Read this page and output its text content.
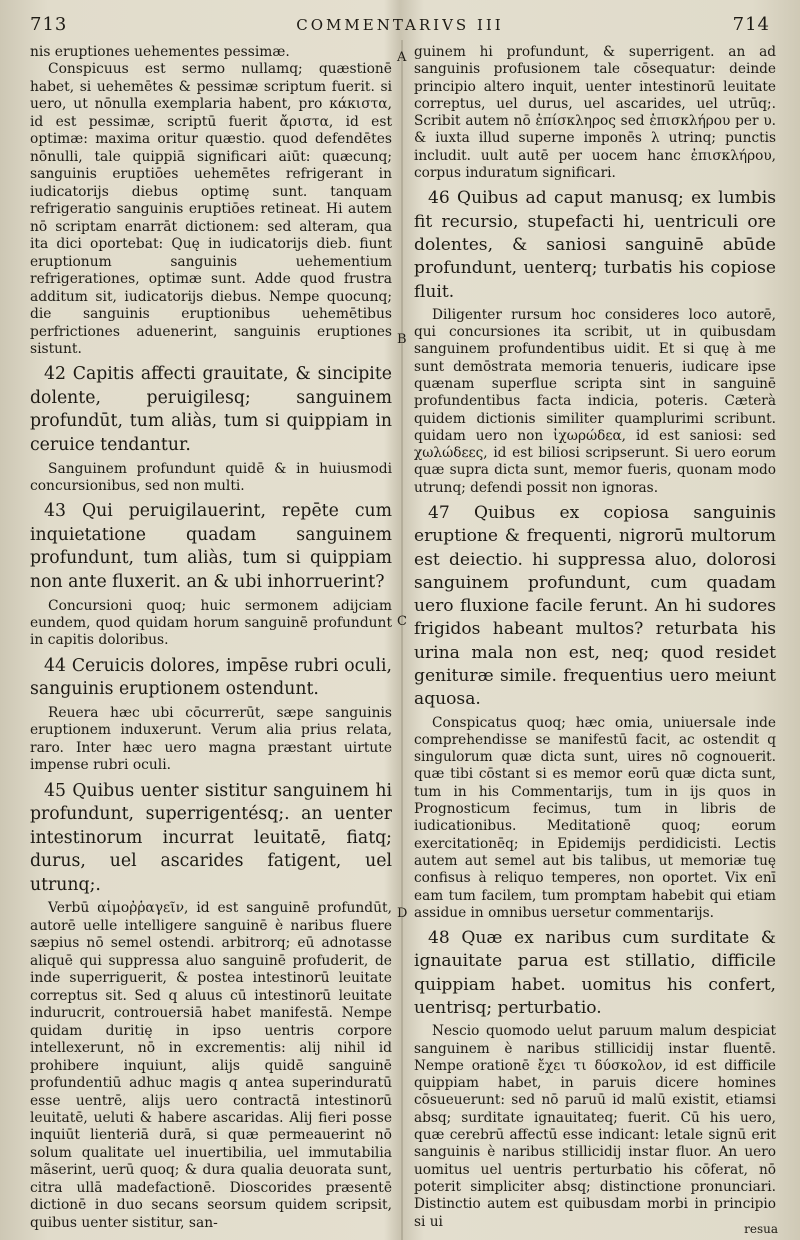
713	COMMENTARIVS III	714

nis eruptiones uehementes pessimæ.

Conspicuus est sermo nullamq; quæstionē habet, si uehemētes & pessimæ scriptum fuerit. si uero, ut nōnulla exemplaria habent, pro κάκιστα, id est pessimæ, scriptū fuerit ἄριστα, id est optimæ: maxima oritur quæstio. quod defendētes nōnulli, tale quippiā significari aiūt: quæcunq; sanguinis eruptiōes uehemētes refrigerant in iudicatorijs diebus optimę sunt. tanquam refrigeratio sanguinis eruptiōes retineat. Hi autem nō scriptam enarrāt dictionem: sed alteram, qua ita dici oportebat: Quę in iudicatorijs dieb. fiunt eruptionum sanguinis uehementium refrigerationes, optimæ sunt. Adde quod frustra additum sit, iudicatorijs diebus. Nempe quocunq; die sanguinis eruptionibus uehemētibus perfrictiones aduenerint, sanguinis eruptiones sistunt.

42 Capitis affecti grauitate, & sincipite dolente, peruigilesq; sanguinem profundūt, tum aliàs, tum si quippiam in ceruice tendantur.

Sanguinem profundunt quidē & in huiusmodi concursionibus, sed non multi.

43 Qui peruigilauerint, repēte cum inquietatione quadam sanguinem profundunt, tum aliàs, tum si quippiam non ante fluxerit. an & ubi inhorruerint?

Concursioni quoq; huic sermonem adijciam eundem, quod quidam horum sanguinē profundunt in capitis doloribus.

44 Ceruicis dolores, impēse rubri oculi, sanguinis eruptionem ostendunt.

Reuera hæc ubi cōcurrerūt, sæpe sanguinis eruptionem induxerunt. Verum alia prius relata, raro. Inter hæc uero magna præstant uirtute impense rubri oculi.

45 Quibus uenter sistitur sanguinem hi profundunt, superrigentésq;. an uenter intestinorum incurrat leuitatē, fiatq; durus, uel ascarides fatigent, uel utrunq;.

Verbū αἱμοῤῥαγεῖν, id est sanguinē profundūt, autorē uelle intelligere sanguinē è naribus fluere sæpius nō semel ostendi. arbitrorq; eū adnotasse aliquē qui suppressa aluo sanguinē profuderit, de inde superriguerit, & postea intestinorū leuitate correptus sit. Sed q aluus cū intestinorū leuitate indurucrit, controuersiā habet manifestā. Nempe quidam duritię in ipso uentris corpore intellexerunt, nō in excrementis: alij nihil id prohibere inquiunt, alijs quidē sanguinē profundentiū adhuc magis q antea superinduratū esse uentrē, alijs uero contractā intestinorū leuitatē, ueluti & habere ascaridas. Alij fieri posse inquiūt lienteriā durā, si quæ permeauerint nō solum qualitate uel inuertibilia, uel immutabilia mãserint, uerū quoq; & dura qualia deuorata sunt, citra ullā madefactionē. Dioscorides præsentē dictionē in duo secans seorsum quidem scripsit, quibus uenter sistitur, san-

guinem hi profundunt, & superrigent. an ad sanguinis profusionem tale cōsequatur: deinde principio altero inquit, uenter intestinorū leuitate correptus, uel durus, uel ascarides, uel utrūq;. Scribit autem nō ἐπίσκληρος sed ἐπισκλήρου per υ. & iuxta illud superne imponēs λ utrinq; punctis includit. uult autē per uocem hanc ἐπισκλήρου, corpus induratum significari.

46 Quibus ad caput manusq; ex lumbis fit recursio, stupefacti hi, uentriculi ore dolentes, & saniosi sanguinē abūde profundunt, uenterq; turbatis his copiose fluit.

Diligenter rursum hoc consideres loco autorē, qui concursiones ita scribit, ut in quibusdam sanguinem profundentibus uidit. Et si quę à me sunt demōstrata memoria tenueris, iudicare ipse quænam superflue scripta sint in sanguinē profundentibus facta indicia, poteris. Cæterà quidem dictionis similiter quamplurimi scribunt. quidam uero non ἰχωρώδεα, id est saniosi: sed χωλώδεες, id est biliosi scripserunt. Si uero eorum quæ supra dicta sunt, memor fueris, quonam modo utrunq; defendi possit non ignoras.

47 Quibus ex copiosa sanguinis eruptione & frequenti, nigrorū multorum est deiectio. hi suppressa aluo, dolorosi sanguinem profundunt, cum quadam uero fluxione facile ferunt. An hi sudores frigidos habeant multos? returbata his urina mala non est, neq; quod residet genituræ simile. frequentius uero meiunt aquosa.

Conspicatus quoq; hæc omia, uniuersale inde comprehendisse se manifestū facit, ac ostendit q singulorum quæ dicta sunt, uires nō cognouerit. quæ tibi cōstant si es memor eorū quæ dicta sunt, tum in his Commentarijs, tum in ijs quos in Prognosticum fecimus, tum in libris de iudicationibus. Meditationē quoq; eorum exercitationēq; in Epidemijs perdidicisti. Lectis autem aut semel aut bis talibus, ut memoriæ tuę confisus à reliquo temperes, non oportet. Vix enī eam tum facilem, tum promptam habebit qui etiam assidue in omnibus uersetur commentarijs.

48 Quæ ex naribus cum surditate & ignauitate parua est stillatio, difficile quippiam habet. uomitus his confert, uentrisq; perturbatio.

Nescio quomodo uelut paruum malum despiciat sanguinem è naribus stillicidij instar fluentē. Nempe orationē ἔχει τι δύσκολον, id est difficile quippiam habet, in paruis dicere homines cōsueuerunt: sed nō paruū id malū existit, etiamsi absq; surditate ignauitateq; fuerit. Cū his uero, quæ cerebrū affectū esse indicant: letale signū erit sanguinis è naribus stillicidij instar fluor. An uero uomitus uel uentris perturbatio his cōferat, nō poterit simpliciter absq; distinctione pronunciari. Distinctio autem est quibusdam morbi in principio si ui

A
B
C
D
resua
